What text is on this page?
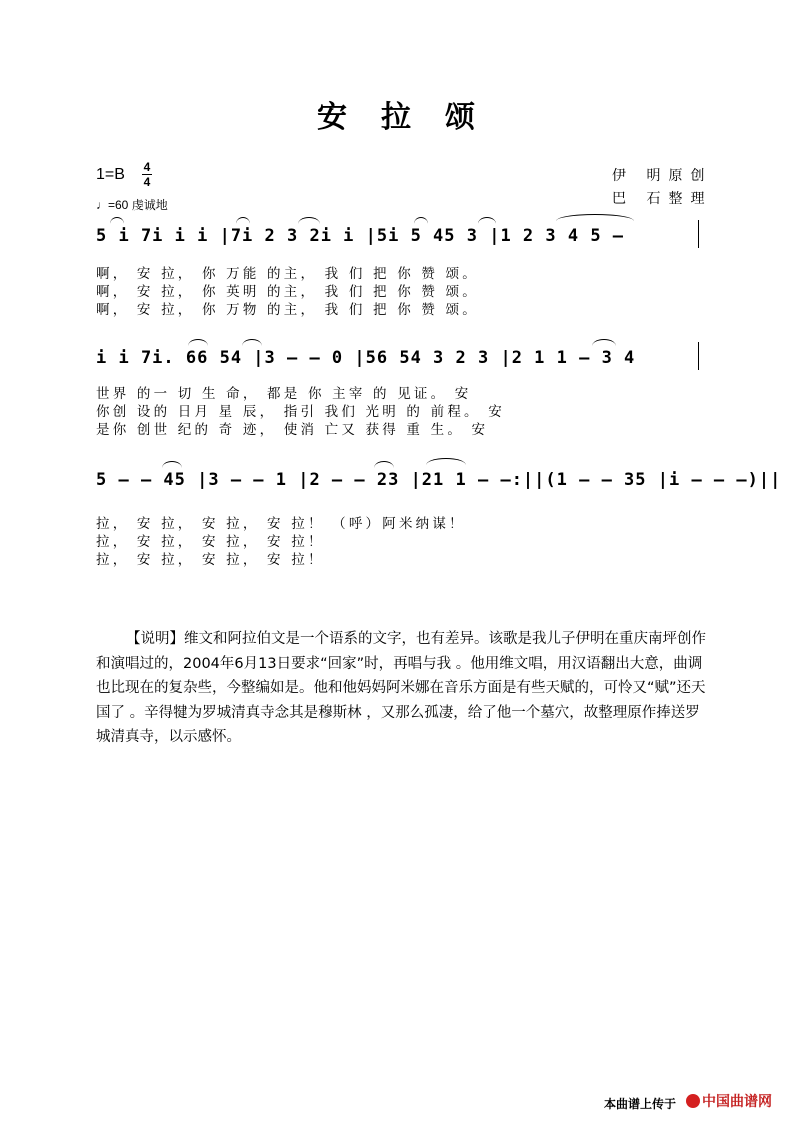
安拉颂
1=B 4
4
♩=60 虔诚地
伊 明原创
巴 石整理
5 i 7i i i |7i 2 3 2i i |5i 5 45 3 |1 2 3 4 5 –
啊， 安 拉， 你 万能 的主， 我 们 把 你 赞 颂。
啊， 安 拉， 你 英明 的主， 我 们 把 你 赞 颂。
啊， 安 拉， 你 万物 的主， 我 们 把 你 赞 颂。
i i 7i. 66 54 |3 – – 0 |56 54 3 2 3 |2 1 1 – 3 4
世界 的一 切 生 命， 都是 你 主宰 的 见证。 安
你创 设的 日月 星 辰， 指引 我们 光明 的 前程。 安
是你 创世 纪的 奇 迹， 使消 亡又 获得 重 生。 安
5 – – 45 |3 – – 1 |2 – – 23 |21 1 – –:||(1 – – 35 |i – – –)||
拉， 安 拉， 安 拉， 安 拉！ （呼）阿米纳谋！
拉， 安 拉， 安 拉， 安 拉！
拉， 安 拉， 安 拉， 安 拉！
【说明】维文和阿拉伯文是一个语系的文字，也有差异。该歌是我儿子伊明在重庆南坪创作和演唱过的，2004年6月13日要求“回家”时，再唱与我 。他用维文唱，用汉语翻出大意，曲调也比现在的复杂些，今整编如是。他和他妈妈阿米娜在音乐方面是有些天赋的，可怜又“赋”还天国了 。辛得犍为罗城清真寺念其是穆斯林 ，又那么孤凄，给了他一个墓穴，故整理原作捧送罗城清真寺，以示感怀。
本曲谱上传于	中国曲谱网
